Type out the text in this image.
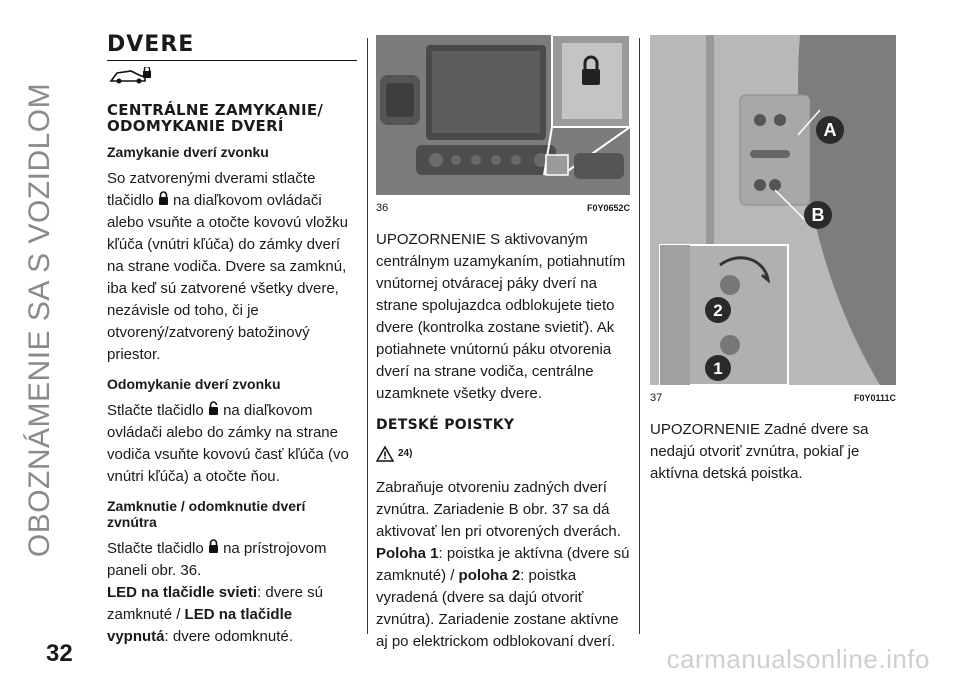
OBOZNÁMENIE SA S VOZIDLOM
32	carmanualsonline.info
DVERE
CENTRÁLNE ZAMYKANIE/ ODOMYKANIE DVERÍ
Zamykanie dverí zvonku

So zatvorenými dverami stlačte tlačidlo na diaľkovom ovládači alebo vsuňte a otočte kovovú vložku kľúča (vnútri kľúča) do zámky dverí na strane vodiča. Dvere sa zamknú, iba keď sú zatvorené všetky dvere, nezávisle od toho, či je otvorený/zatvorený batožinový priestor.

Odomykanie dverí zvonku

Stlačte tlačidlo na diaľkovom ovládači alebo do zámky na strane vodiča vsuňte kovovú časť kľúča (vo vnútri kľúča) a otočte ňou.

Zamknutie / odomknutie dverí zvnútra

Stlačte tlačidlo na prístrojovom paneli obr. 36.
LED na tlačidle svieti: dvere sú zamknuté / LED na tlačidle vypnutá: dvere odomknuté.

36	F0Y0652C

UPOZORNENIE S aktivovaným centrálnym uzamykaním, potiahnutím vnútornej otváracej páky dverí na strane spolujazdca odblokujete tieto dvere (kontrolka zostane svietiť). Ak potiahnete vnútornú páku otvorenia dverí na strane vodiča, centrálne uzamknete všetky dvere.

DETSKÉ POISTKY
24)

Zabraňuje otvoreniu zadných dverí zvnútra. Zariadenie B obr. 37 sa dá aktivovať len pri otvorených dverách.
Poloha 1: poistka je aktívna (dvere sú zamknuté) / poloha 2: poistka vyradená (dvere sa dajú otvoriť zvnútra). Zariadenie zostane aktívne aj po elektrickom odblokovaní dverí.

A
B
2
1
37	F0Y0111C

UPOZORNENIE Zadné dvere sa nedajú otvoriť zvnútra, pokiaľ je aktívna detská poistka.
